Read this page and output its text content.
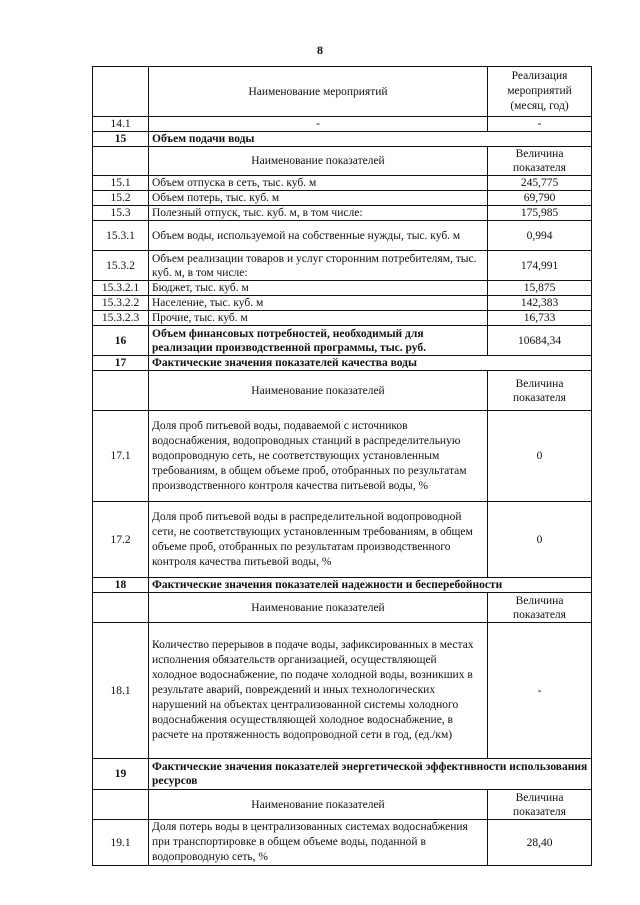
8
	Наименование мероприятий	Реализация мероприятий (месяц, год)
14.1	-	-
15	Объем подачи воды	
	Наименование показателей	Величина показателя
15.1	Объем отпуска в сеть, тыс. куб. м	245,775
15.2	Объем потерь, тыс. куб. м	69,790
15.3	Полезный отпуск, тыс. куб. м, в том числе:	175,985
15.3.1	Объем воды, используемой на собственные нужды, тыс. куб. м	0,994
15.3.2	Объем реализации товаров и услуг сторонним потребителям, тыс. куб. м, в том числе:	174,991
15.3.2.1	Бюджет, тыс. куб. м	15,875
15.3.2.2	Население, тыс. куб. м	142,383
15.3.2.3	Прочие, тыс. куб. м	16,733
16	Объем финансовых потребностей, необходимый для реализации производственной программы, тыс. руб.	10684,34
17	Фактические значения показателей качества воды	
	Наименование показателей	Величина показателя
17.1	Доля проб питьевой воды, подаваемой с источников водоснабжения, водопроводных станций в распределительную водопроводную сеть, не соответствующих установленным требованиям, в общем объеме проб, отобранных по результатам производственного контроля качества питьевой воды, %	0
17.2	Доля проб питьевой воды в распределительной водопроводной сети, не соответствующих установленным требованиям, в общем объеме проб, отобранных по результатам производственного контроля качества питьевой воды, %	0
18	Фактические значения показателей надежности и бесперебойности	
	Наименование показателей	Величина показателя
18.1	Количество перерывов в подаче воды, зафиксированных в местах исполнения обязательств организацией, осуществляющей холодное водоснабжение, по подаче холодной воды, возникших в результате аварий, повреждений и иных технологических нарушений на объектах централизованной системы холодного водоснабжения осуществляющей холодное водоснабжение, в расчете на протяженность водопроводной сети в год, (ед./км)	-
19	Фактические значения показателей энергетической эффективности использования ресурсов	
	Наименование показателей	Величина показателя
19.1	Доля потерь воды в централизованных системах водоснабжения при транспортировке в общем объеме воды, поданной в водопроводную сеть, %	28,40
